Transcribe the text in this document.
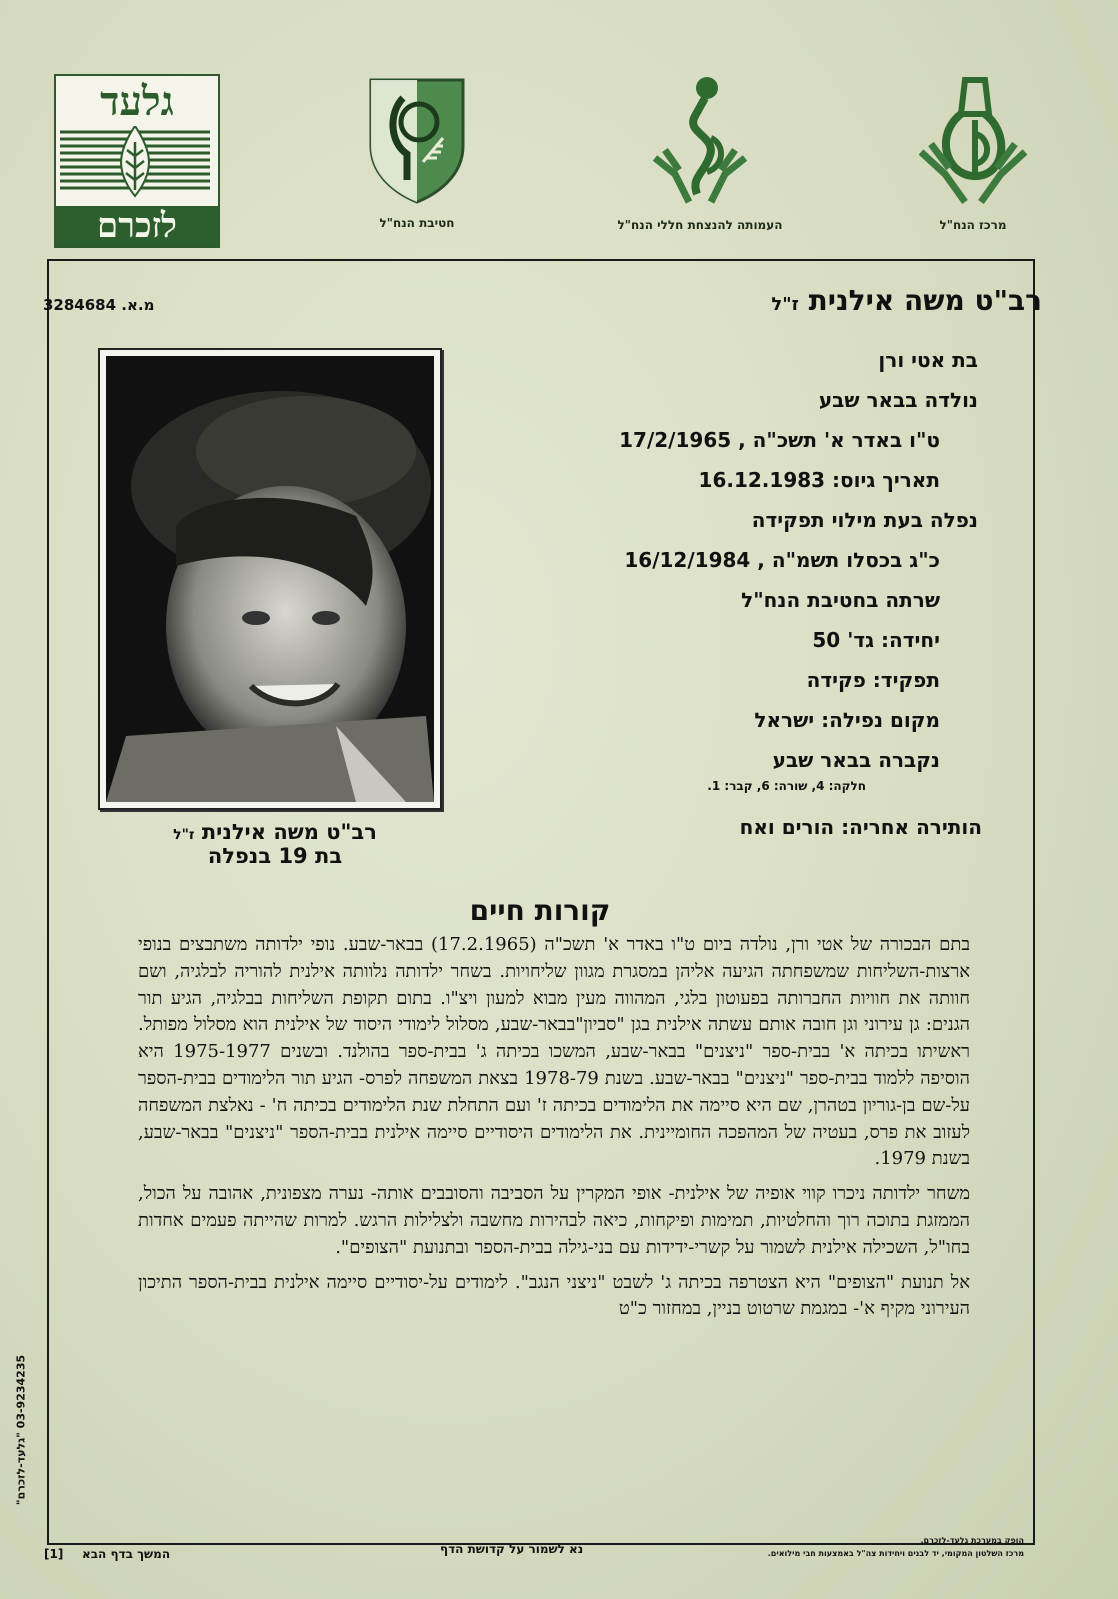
גלעד
לזכרם	חטיבת הנח"ל	העמותה להנצחת חללי הנח"ל	מרכז הנח"ל
רב"ט משה אילנית ז"ל
מ.א. 3284684
בת אטי ורן
נולדה בבאר שבע
ט"ו באדר א' תשכ"ה , 17/2/1965
תאריך גיוס: 16.12.1983
נפלה בעת מילוי תפקידה
כ"ג בכסלו תשמ"ה , 16/12/1984
שרתה בחטיבת הנח"ל
יחידה: גד' 50
תפקיד: פקידה
מקום נפילה: ישראל
נקברה בבאר שבע
חלקה: 4, שורה: 6, קבר: 1.
הותירה אחריה: הורים ואח
רב"ט משה אילנית ז"ל
בת 19 בנפלה
קורות חיים

בתם הבכורה של אטי ורן, נולדה ביום ט"ו באדר א' תשכ"ה (17.2.1965) בבאר-שבע. נופי ילדותה משתבצים בנופי ארצות-השליחות שמשפחתה הגיעה אליהן במסגרת מגוון שליחויות. בשחר ילדותה נלוותה אילנית להוריה לבלגיה, ושם חוותה את חוויות החברותה בפעוטון בלגי, המהווה מעין מבוא למעון ויצ"ו. בתום תקופת השליחות בבלגיה, הגיע תור הגנים: גן עירוני וגן חובה אותם עשתה אילנית בגן "סביון"בבאר-שבע, מסלול לימודי היסוד של אילנית הוא מסלול מפותל. ראשיתו בכיתה א' בבית-ספר "ניצנים" בבאר-שבע, המשכו בכיתה ג' בבית-ספר בהולנד. ובשנים 1975-1977 היא הוסיפה ללמוד בבית-ספר "ניצנים" בבאר-שבע. בשנת 1978-79 בצאת המשפחה לפרס- הגיע תור הלימודים בבית-הספר על-שם בן-גוריון בטהרן, שם היא סיימה את הלימודים בכיתה ז' ועם התחלת שנת הלימודים בכיתה ח' - נאלצת המשפחה לעזוב את פרס, בעטיה של המהפכה החומיינית. את הלימודים היסודיים סיימה אילנית בבית-הספר "ניצנים" בבאר-שבע, בשנת 1979.

משחר ילדותה ניכרו קווי אופיה של אילנית- אופי המקרין על הסביבה והסובבים אותה- נערה מצפונית, אהובה על הכול, הממזגת בתוכה רוך והחלטיות, תמימות ופיקחות, כיאה לבהירות מחשבה ולצלילות הרגש. למרות שהייתה פעמים אחדות בחו"ל, השכילה אילנית לשמור על קשרי-ידידות עם בני-גילה בבית-הספר ובתנועת "הצופים".

אל תנועת "הצופים" היא הצטרפה בכיתה ג' לשבט "ניצני הנגב". לימודים על-יסודיים סיימה אילנית בבית-הספר התיכון העירוני מקיף א'- במגמת שרטוט בניין, במחזור כ"ט

03-9234235 "גלעד-לזכרם"
[1] המשך בדף הבא	נא לשמור על קדושת הדף
הופק במערכת גלעד-לזכרם.
מרכז השלטון המקומי, יד לבנים ויחידות צה"ל באמצעות חבי מילואים.
